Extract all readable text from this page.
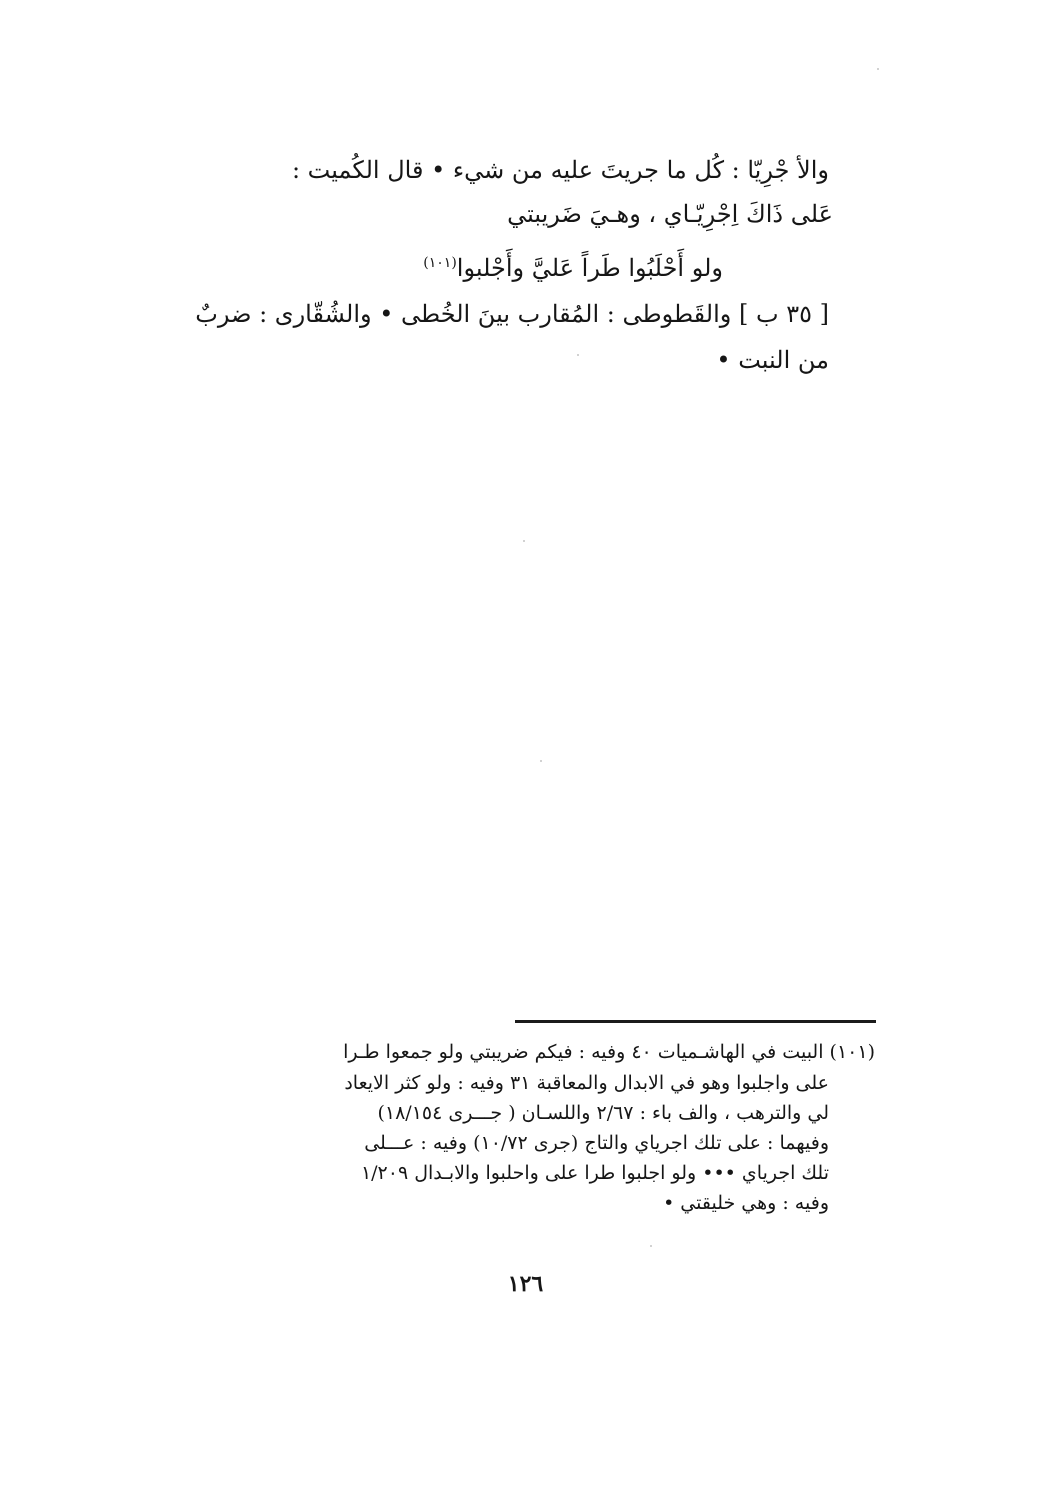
والأ جْرِيّا : كُل ما جريتَ عليه من شيء • قال الكُميت :
عَلى ذَاكَ اِجْرِيّـاي ، وهـيَ ضَريبتي
ولو أَحْلَبُوا طَراً عَليَّ وأَجْلبوا$^{(١٠١)}$
[ ٣٥ ب ] والقَطوطى : المُقارب بينَ الخُطى • والشُقّارى : ضربٌ
من النبت •
(١٠١) البيت في الهاشـميات ٤٠ وفيه : فيكم ضريبتي ولو جمعوا طـرا
على واجلبوا وهو في الابدال والمعاقبة ٣١ وفيه : ولو كثر الايعاد
لي والترهب ، والف باء : ٢/٦٧ واللسـان ( جـــرى ١٨/١٥٤)
وفيهما : على تلك اجرياي والتاج (جرى ١٠/٧٢) وفيه : عـــلى
تلك اجرياي ••• ولو اجلبوا طرا على واحلبوا والابـدال ١/٢٠٩
وفيه : وهي خليقتي •
١٢٦
